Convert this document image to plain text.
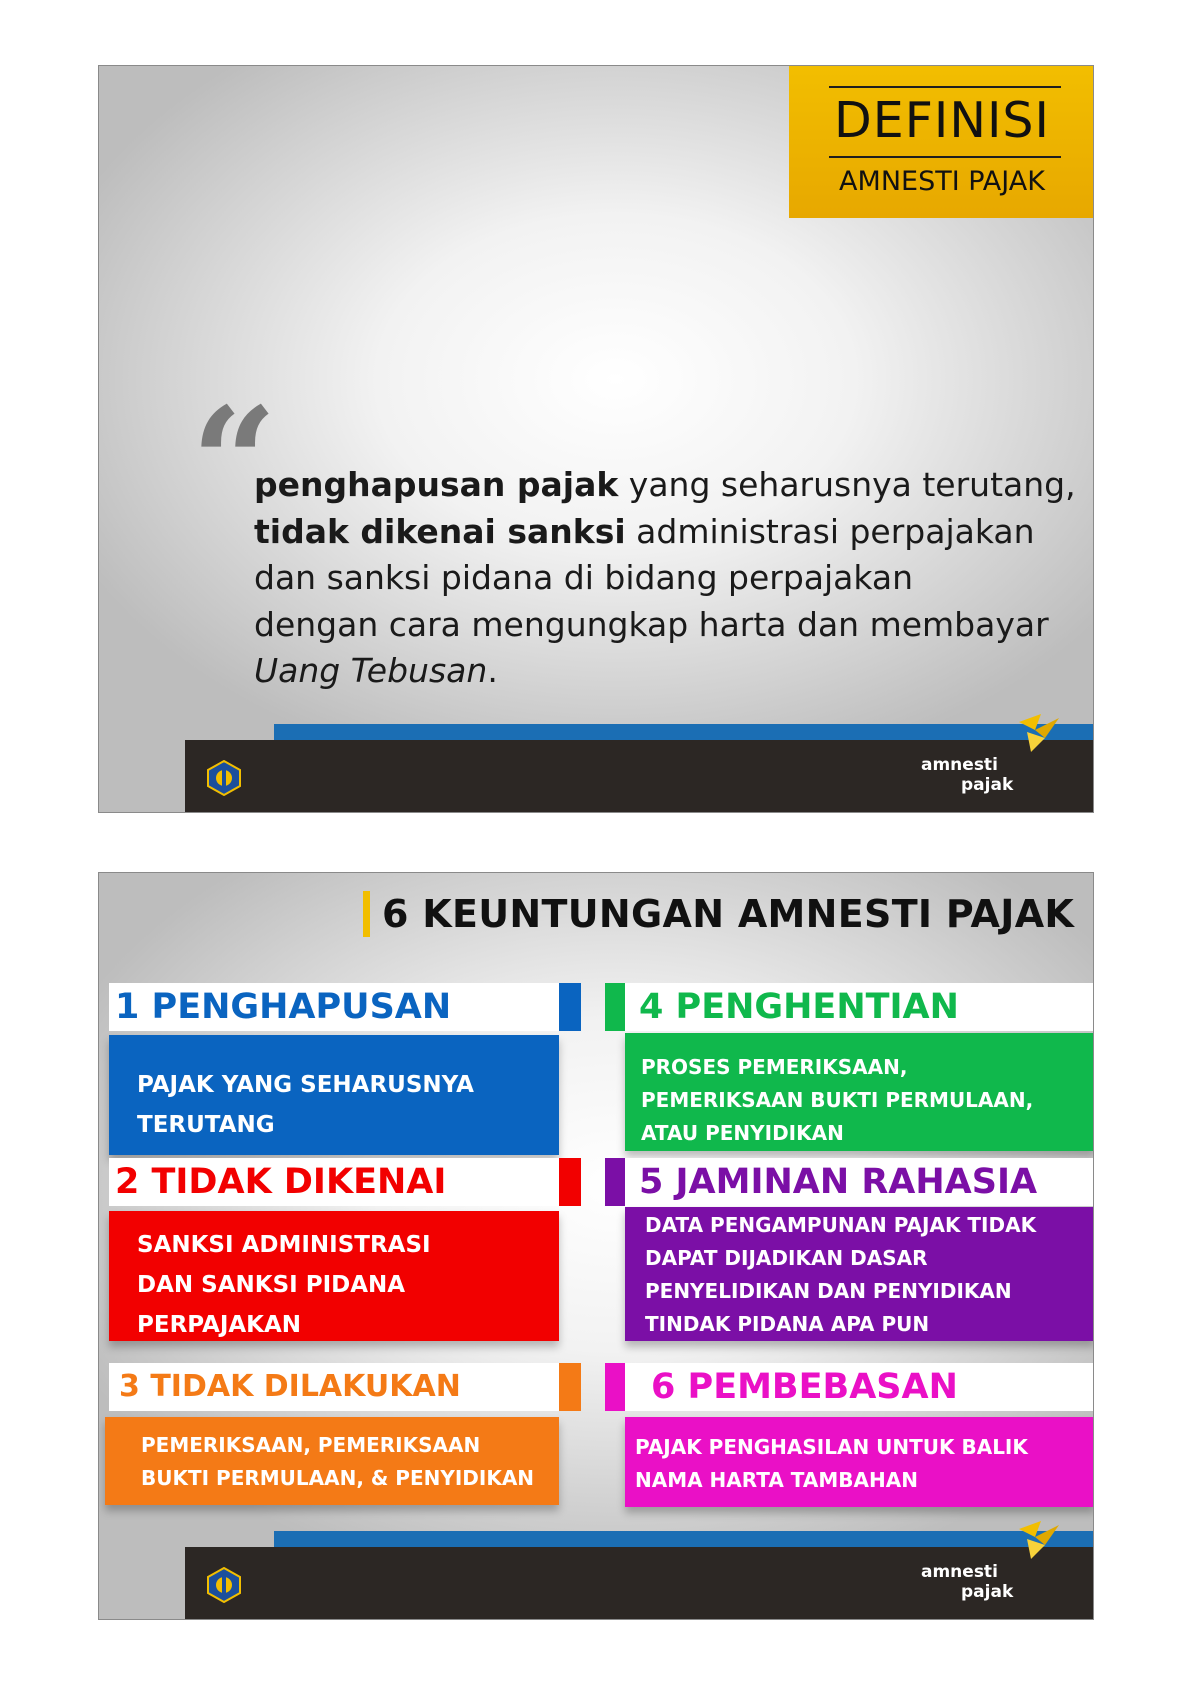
DEFINISI
AMNESTI PAJAK
“
penghapusan pajak yang seharusnya terutang,
tidak dikenai sanksi administrasi perpajakan
dan sanksi pidana di bidang perpajakan
dengan cara mengungkap harta dan membayar
Uang Tebusan.
amnesti
pajak
6 KEUNTUNGAN AMNESTI PAJAK
1 PENGHAPUSAN
PAJAK YANG SEHARUSNYA
TERUTANG
2 TIDAK DIKENAI
SANKSI ADMINISTRASI
DAN SANKSI PIDANA
PERPAJAKAN
3 TIDAK DILAKUKAN
PEMERIKSAAN, PEMERIKSAAN
BUKTI PERMULAAN, & PENYIDIKAN
4 PENGHENTIAN
PROSES PEMERIKSAAN,
PEMERIKSAAN BUKTI PERMULAAN,
ATAU PENYIDIKAN
5 JAMINAN RAHASIA
DATA PENGAMPUNAN PAJAK TIDAK
DAPAT DIJADIKAN DASAR
PENYELIDIKAN DAN PENYIDIKAN
TINDAK PIDANA APA PUN
6 PEMBEBASAN
PAJAK PENGHASILAN UNTUK BALIK
NAMA HARTA TAMBAHAN
amnesti
pajak
